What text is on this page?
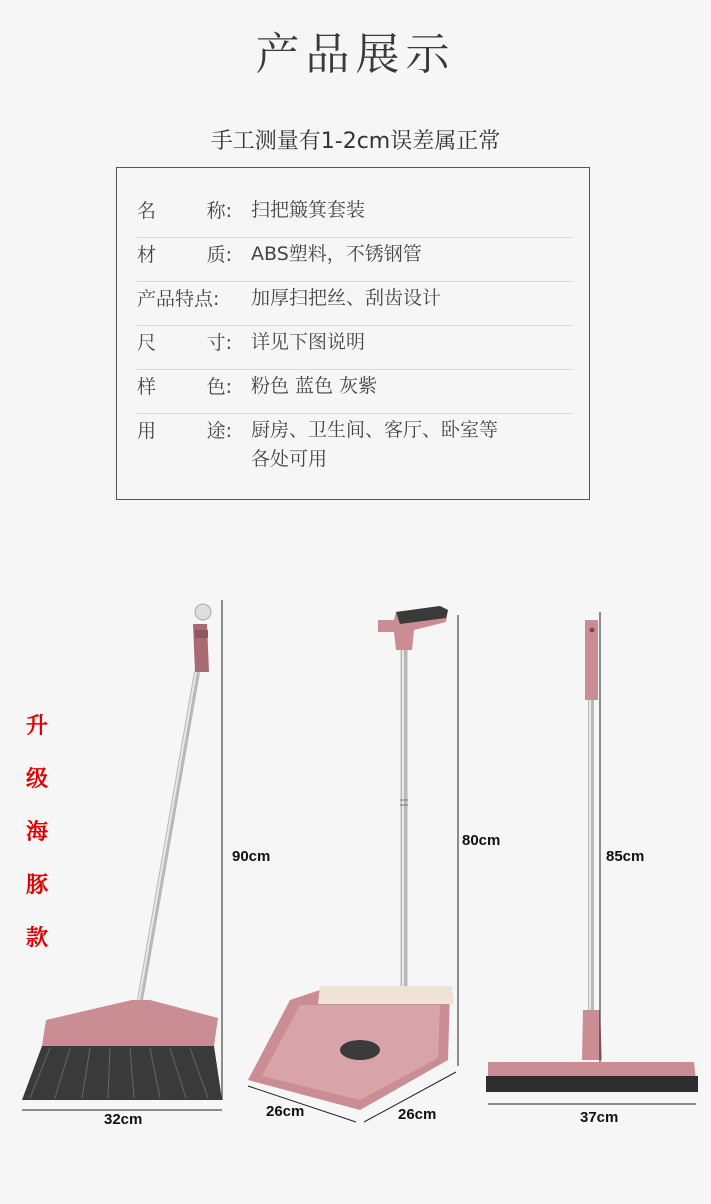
产品展示
手工测量有1-2cm误差属正常
名	称: 扫把簸箕套装
材	质: ABS塑料，不锈钢管
产品特点:	加厚扫把丝、刮齿设计
尺	寸: 详见下图说明
样	色: 粉色 蓝色 灰紫
用	途: 厨房、卫生间、客厅、卧室等
各处可用
升
级
海
豚
款
90cm
32cm
80cm
26cm	26cm
85cm
37cm
